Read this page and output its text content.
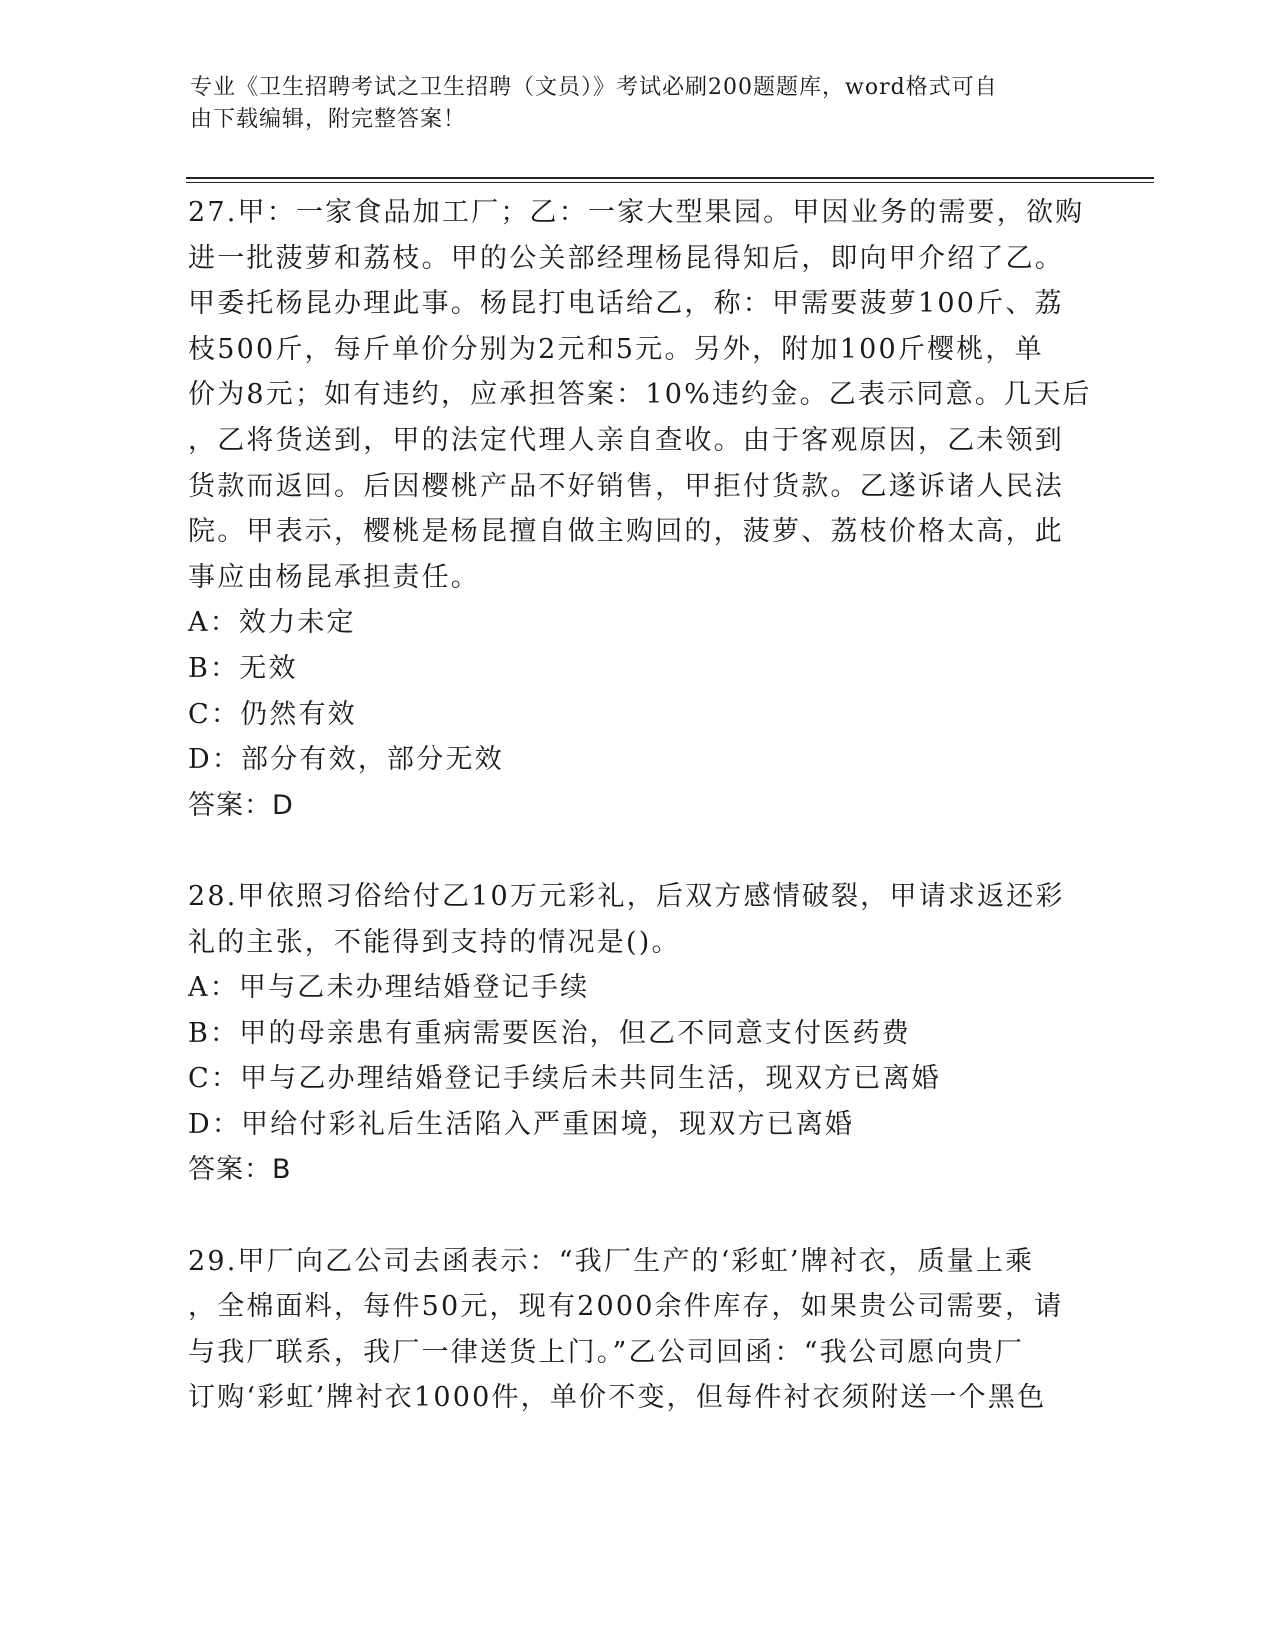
专业《卫生招聘考试之卫生招聘（文员）》考试必刷200题题库，word格式可自
由下载编辑，附完整答案！
27.甲：一家食品加工厂；乙：一家大型果园。甲因业务的需要，欲购
进一批菠萝和荔枝。甲的公关部经理杨昆得知后，即向甲介绍了乙。
甲委托杨昆办理此事。杨昆打电话给乙，称：甲需要菠萝100斤、荔
枝500斤，每斤单价分别为2元和5元。另外，附加100斤樱桃，单
价为8元；如有违约，应承担答案：10%违约金。乙表示同意。几天后
，乙将货送到，甲的法定代理人亲自查收。由于客观原因，乙未领到
货款而返回。后因樱桃产品不好销售，甲拒付货款。乙遂诉诸人民法
院。甲表示，樱桃是杨昆擅自做主购回的，菠萝、荔枝价格太高，此
事应由杨昆承担责任。
A：效力未定
B：无效
C：仍然有效
D：部分有效，部分无效
答案：D
28.甲依照习俗给付乙10万元彩礼，后双方感情破裂，甲请求返还彩
礼的主张，不能得到支持的情况是()。
A：甲与乙未办理结婚登记手续
B：甲的母亲患有重病需要医治，但乙不同意支付医药费
C：甲与乙办理结婚登记手续后未共同生活，现双方已离婚
D：甲给付彩礼后生活陷入严重困境，现双方已离婚
答案：B
29.甲厂向乙公司去函表示：“我厂生产的‘彩虹’牌衬衣，质量上乘
，全棉面料，每件50元，现有2000余件库存，如果贵公司需要，请
与我厂联系，我厂一律送货上门。”乙公司回函：“我公司愿向贵厂
订购‘彩虹’牌衬衣1000件，单价不变，但每件衬衣须附送一个黑色
